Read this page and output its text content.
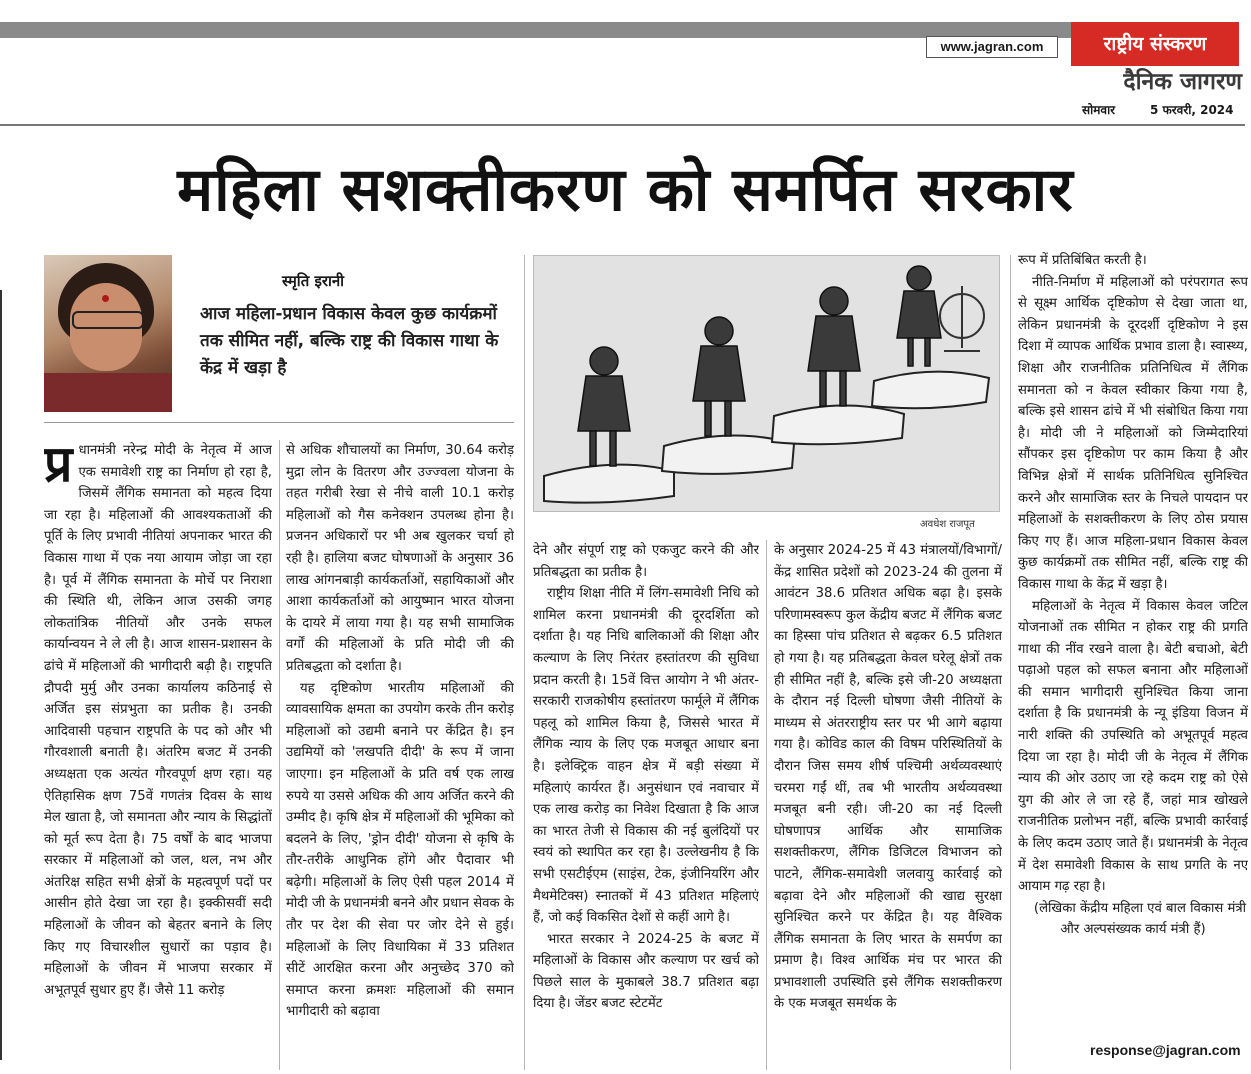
www.jagran.com	राष्ट्रीय संस्करण
दैनिक जागरण
सोमवार	5 फरवरी, 2024
महिला सशक्तीकरण को समर्पित सरकार
स्मृति इरानी
आज महिला-प्रधान विकास केवल कुछ कार्यक्रमों तक सीमित नहीं, बल्कि राष्ट्र की विकास गाथा के केंद्र में खड़ा है
अवधेश राजपूत

प्र धानमंत्री नरेन्द्र मोदी के नेतृत्व में आज एक समावेशी राष्ट्र का निर्माण हो रहा है, जिसमें लैंगिक समानता को महत्व दिया जा रहा है। महिलाओं की आवश्यकताओं की पूर्ति के लिए प्रभावी नीतियां अपनाकर भारत की विकास गाथा में एक नया आयाम जोड़ा जा रहा है। पूर्व में लैंगिक समानता के मोर्चे पर निराशा की स्थिति थी, लेकिन आज उसकी जगह लोकतांत्रिक नीतियों और उनके सफल कार्यान्वयन ने ले ली है। आज शासन-प्रशासन के ढांचे में महिलाओं की भागीदारी बढ़ी है। राष्ट्रपति द्रौपदी मुर्मु और उनका कार्यालय कठिनाई से अर्जित इस संप्रभुता का प्रतीक है। उनकी आदिवासी पहचान राष्ट्रपति के पद को और भी गौरवशाली बनाती है। अंतरिम बजट में उनकी अध्यक्षता एक अत्यंत गौरवपूर्ण क्षण रहा। यह ऐतिहासिक क्षण 75वें गणतंत्र दिवस के साथ मेल खाता है, जो समानता और न्याय के सिद्धांतों को मूर्त रूप देता है। 75 वर्षों के बाद भाजपा सरकार में महिलाओं को जल, थल, नभ और अंतरिक्ष सहित सभी क्षेत्रों के महत्वपूर्ण पदों पर आसीन होते देखा जा रहा है। इक्कीसवीं सदी महिलाओं के जीवन को बेहतर बनाने के लिए किए गए विचारशील सुधारों का पड़ाव है। महिलाओं के जीवन में भाजपा सरकार में अभूतपूर्व सुधार हुए हैं। जैसे 11 करोड़

से अधिक शौचालयों का निर्माण, 30.64 करोड़ मुद्रा लोन के वितरण और उज्ज्वला योजना के तहत गरीबी रेखा से नीचे वाली 10.1 करोड़ महिलाओं को गैस कनेक्शन उपलब्ध होना है। प्रजनन अधिकारों पर भी अब खुलकर चर्चा हो रही है। हालिया बजट घोषणाओं के अनुसार 36 लाख आंगनबाड़ी कार्यकर्ताओं, सहायिकाओं और आशा कार्यकर्ताओं को आयुष्मान भारत योजना के दायरे में लाया गया है। यह सभी सामाजिक वर्गों की महिलाओं के प्रति मोदी जी की प्रतिबद्धता को दर्शाता है।

यह दृष्टिकोण भारतीय महिलाओं की व्यावसायिक क्षमता का उपयोग करके तीन करोड़ महिलाओं को उद्यमी बनाने पर केंद्रित है। इन उद्यमियों को 'लखपति दीदी' के रूप में जाना जाएगा। इन महिलाओं के प्रति वर्ष एक लाख रुपये या उससे अधिक की आय अर्जित करने की उम्मीद है। कृषि क्षेत्र में महिलाओं की भूमिका को बदलने के लिए, 'ड्रोन दीदी' योजना से कृषि के तौर-तरीके आधुनिक होंगे और पैदावार भी बढ़ेगी। महिलाओं के लिए ऐसी पहल 2014 में मोदी जी के प्रधानमंत्री बनने और प्रधान सेवक के तौर पर देश की सेवा पर जोर देने से हुई। महिलाओं के लिए विधायिका में 33 प्रतिशत सीटें आरक्षित करना और अनुच्छेद 370 को समाप्त करना क्रमशः महिलाओं की समान भागीदारी को बढ़ावा

देने और संपूर्ण राष्ट्र को एकजुट करने की और प्रतिबद्धता का प्रतीक है।

राष्ट्रीय शिक्षा नीति में लिंग-समावेशी निधि को शामिल करना प्रधानमंत्री की दूरदर्शिता को दर्शाता है। यह निधि बालिकाओं की शिक्षा और कल्याण के लिए निरंतर हस्तांतरण की सुविधा प्रदान करती है। 15वें वित्त आयोग ने भी अंतर-सरकारी राजकोषीय हस्तांतरण फार्मूले में लैंगिक पहलू को शामिल किया है, जिससे भारत में लैंगिक न्याय के लिए एक मजबूत आधार बना है। इलेक्ट्रिक वाहन क्षेत्र में बड़ी संख्या में महिलाएं कार्यरत हैं। अनुसंधान एवं नवाचार में एक लाख करोड़ का निवेश दिखाता है कि आज का भारत तेजी से विकास की नई बुलंदियों पर स्वयं को स्थापित कर रहा है। उल्लेखनीय है कि सभी एसटीईएम (साइंस, टेक, इंजीनियरिंग और मैथमेटिक्स) स्नातकों में 43 प्रतिशत महिलाएं हैं, जो कई विकसित देशों से कहीं आगे है।

भारत सरकार ने 2024-25 के बजट में महिलाओं के विकास और कल्याण पर खर्च को पिछले साल के मुकाबले 38.7 प्रतिशत बढ़ा दिया है। जेंडर बजट स्टेटमेंट

के अनुसार 2024-25 में 43 मंत्रालयों/विभागों/केंद्र शासित प्रदेशों को 2023-24 की तुलना में आवंटन 38.6 प्रतिशत अधिक बढ़ा है। इसके परिणामस्वरूप कुल केंद्रीय बजट में लैंगिक बजट का हिस्सा पांच प्रतिशत से बढ़कर 6.5 प्रतिशत हो गया है। यह प्रतिबद्धता केवल घरेलू क्षेत्रों तक ही सीमित नहीं है, बल्कि इसे जी-20 अध्यक्षता के दौरान नई दिल्ली घोषणा जैसी नीतियों के माध्यम से अंतरराष्ट्रीय स्तर पर भी आगे बढ़ाया गया है। कोविड काल की विषम परिस्थितियों के दौरान जिस समय शीर्ष पश्चिमी अर्थव्यवस्थाएं चरमरा गईं थीं, तब भी भारतीय अर्थव्यवस्था मजबूत बनी रही। जी-20 का नई दिल्ली घोषणापत्र आर्थिक और सामाजिक सशक्तीकरण, लैंगिक डिजिटल विभाजन को पाटने, लैंगिक-समावेशी जलवायु कार्रवाई को बढ़ावा देने और महिलाओं की खाद्य सुरक्षा सुनिश्चित करने पर केंद्रित है। यह वैश्विक लैंगिक समानता के लिए भारत के समर्पण का प्रमाण है। विश्व आर्थिक मंच पर भारत की प्रभावशाली उपस्थिति इसे लैंगिक सशक्तीकरण के एक मजबूत समर्थक के

रूप में प्रतिबिंबित करती है।

नीति-निर्माण में महिलाओं को परंपरागत रूप से सूक्ष्म आर्थिक दृष्टिकोण से देखा जाता था, लेकिन प्रधानमंत्री के दूरदर्शी दृष्टिकोण ने इस दिशा में व्यापक आर्थिक प्रभाव डाला है। स्वास्थ्य, शिक्षा और राजनीतिक प्रतिनिधित्व में लैंगिक समानता को न केवल स्वीकार किया गया है, बल्कि इसे शासन ढांचे में भी संबोधित किया गया है। मोदी जी ने महिलाओं को जिम्मेदारियां सौंपकर इस दृष्टिकोण पर काम किया है और विभिन्न क्षेत्रों में सार्थक प्रतिनिधित्व सुनिश्चित करने और सामाजिक स्तर के निचले पायदान पर महिलाओं के सशक्तीकरण के लिए ठोस प्रयास किए गए हैं। आज महिला-प्रधान विकास केवल कुछ कार्यक्रमों तक सीमित नहीं, बल्कि राष्ट्र की विकास गाथा के केंद्र में खड़ा है।

महिलाओं के नेतृत्व में विकास केवल जटिल योजनाओं तक सीमित न होकर राष्ट्र की प्रगति गाथा की नींव रखने वाला है। बेटी बचाओ, बेटी पढ़ाओ पहल को सफल बनाना और महिलाओं की समान भागीदारी सुनिश्चित किया जाना दर्शाता है कि प्रधानमंत्री के न्यू इंडिया विजन में नारी शक्ति की उपस्थिति को अभूतपूर्व महत्व दिया जा रहा है। मोदी जी के नेतृत्व में लैंगिक न्याय की ओर उठाए जा रहे कदम राष्ट्र को ऐसे युग की ओर ले जा रहे हैं, जहां मात्र खोखले राजनीतिक प्रलोभन नहीं, बल्कि प्रभावी कार्रवाई के लिए कदम उठाए जाते हैं। प्रधानमंत्री के नेतृत्व में देश समावेशी विकास के साथ प्रगति के नए आयाम गढ़ रहा है।

(लेखिका केंद्रीय महिला एवं बाल विकास मंत्री और अल्पसंख्यक कार्य मंत्री हैं)

response@jagran.com
